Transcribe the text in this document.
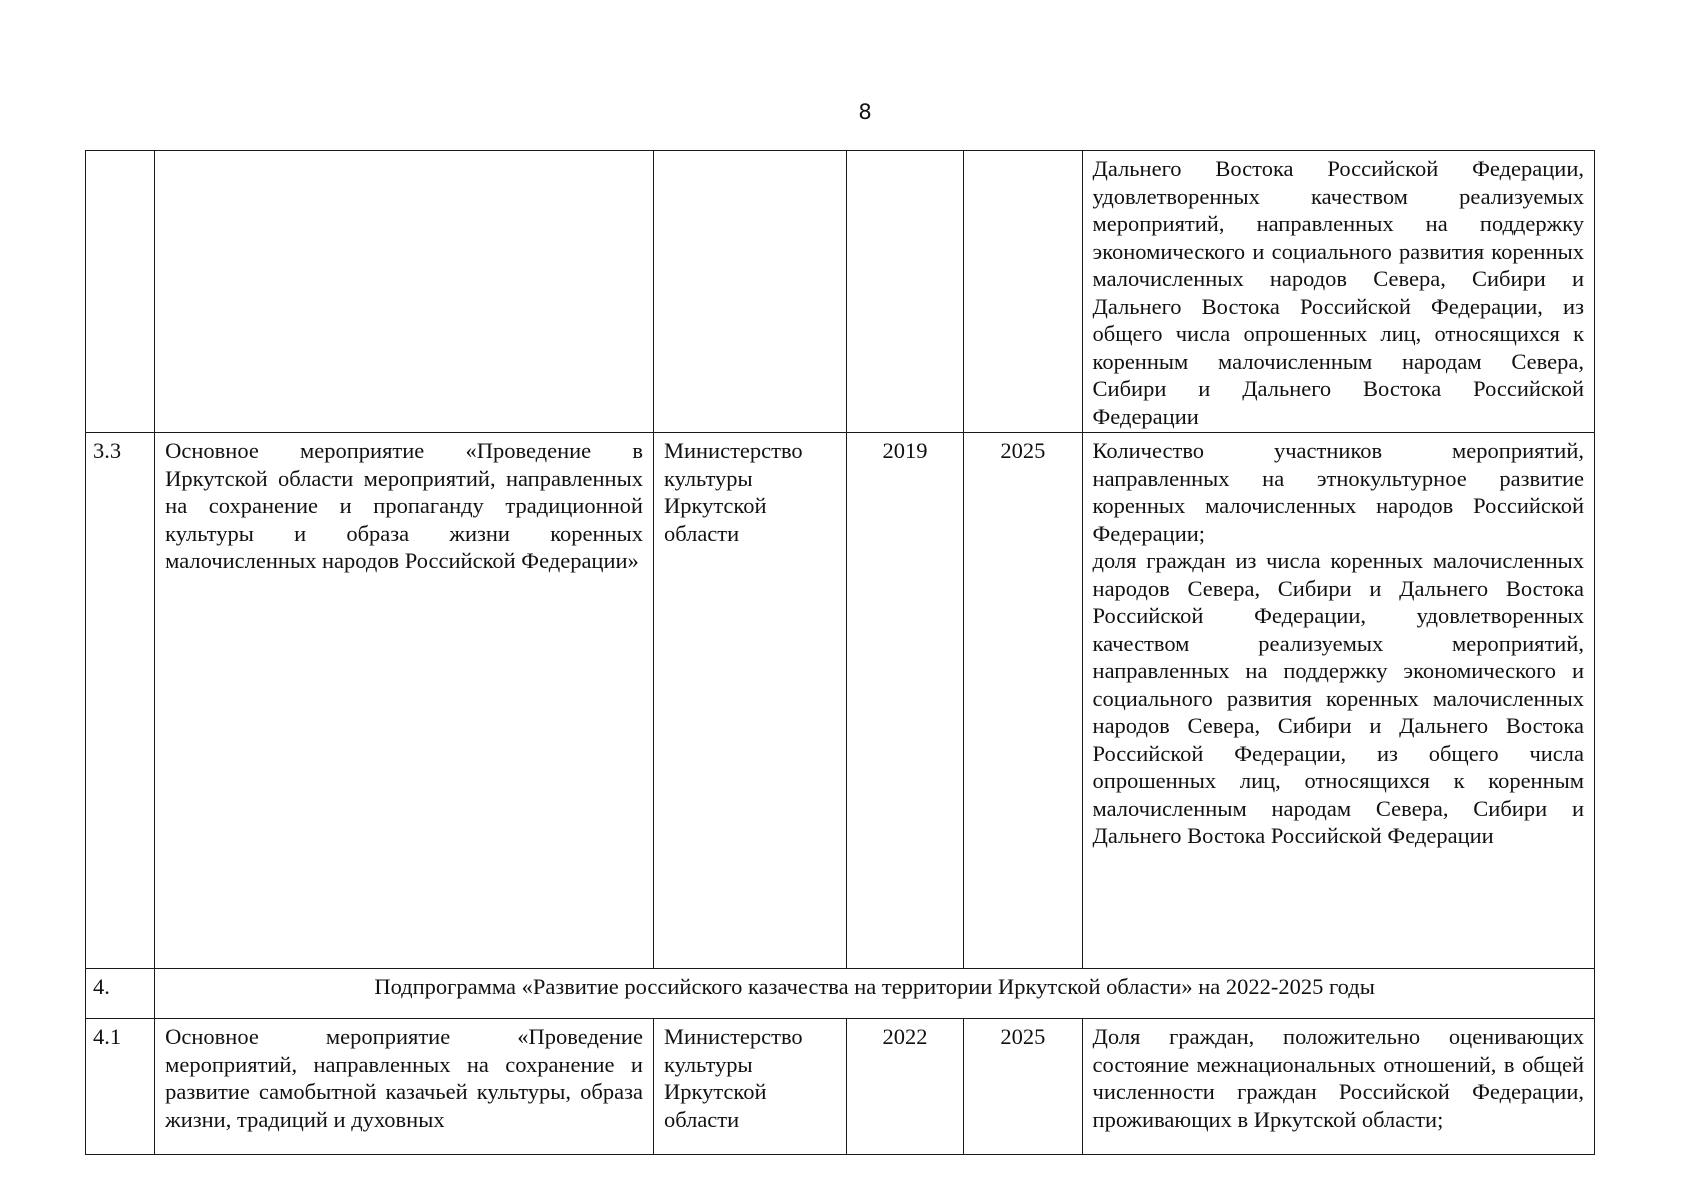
8

					Дальнего Востока Российской Федерации, удовлетворенных качеством реализуемых мероприятий, направленных на поддержку экономического и социального развития коренных малочисленных народов Севера, Сибири и Дальнего Востока Российской Федерации, из общего числа опрошенных лиц, относящихся к коренным малочисленным народам Севера, Сибири и Дальнего Востока Российской Федерации

3.3	Основное мероприятие «Проведение в Иркутской области мероприятий, направленных на сохранение и пропаганду традиционной культуры и образа жизни коренных малочисленных народов Российской Федерации»	Министерство культуры Иркутской области	2019	2025	Количество участников мероприятий, направленных на этнокультурное развитие коренных малочисленных народов Российской Федерации;
доля граждан из числа коренных малочисленных народов Севера, Сибири и Дальнего Востока Российской Федерации, удовлетворенных качеством реализуемых мероприятий, направленных на поддержку экономического и социального развития коренных малочисленных народов Севера, Сибири и Дальнего Востока Российской Федерации, из общего числа опрошенных лиц, относящихся к коренным малочисленным народам Севера, Сибири и Дальнего Востока Российской Федерации

4.	Подпрограмма «Развитие российского казачества на территории Иркутской области» на 2022-2025 годы				
4.1	Основное мероприятие «Проведение мероприятий, направленных на сохранение и развитие самобытной казачьей культуры, образа жизни, традиций и духовных	Министерство культуры Иркутской области	2022	2025	Доля граждан, положительно оценивающих состояние межнациональных отношений, в общей численности граждан Российской Федерации, проживающих в Иркутской области;
